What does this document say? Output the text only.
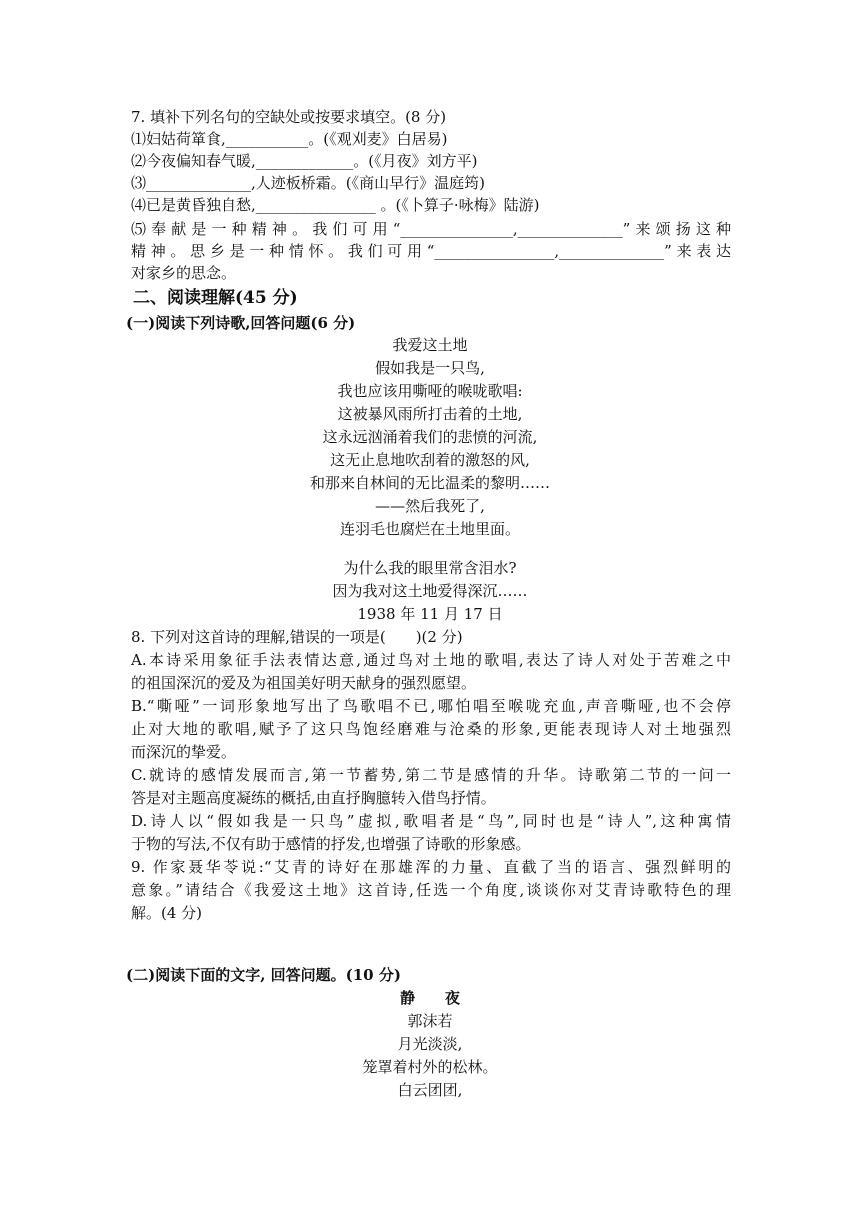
7. 填补下列名句的空缺处或按要求填空。(8 分)
⑴妇姑荷箪食,___________。(《观刈麦》白居易)
⑵今夜偏知春气暖,_____________。(《月夜》刘方平)
⑶______________,人迹板桥霜。(《商山早行》温庭筠)
⑷已是黄昏独自愁,________________ 。(《卜算子·咏梅》陆游)
⑸奉献是一种精神。我们可用“_______________,______________”来颂扬这种
精神。思乡是一种情怀。我们可用“________________,______________”来表达
对家乡的思念。
二、阅读理解(45 分)
(一)阅读下列诗歌,回答问题(6 分)
我爱这土地
假如我是一只鸟,
我也应该用嘶哑的喉咙歌唱:
这被暴风雨所打击着的土地,
这永远汹涌着我们的悲愤的河流,
这无止息地吹刮着的激怒的风,
和那来自林间的无比温柔的黎明……
——然后我死了,
连羽毛也腐烂在土地里面。
为什么我的眼里常含泪水?
因为我对这土地爱得深沉……
1938 年 11 月 17 日
8. 下列对这首诗的理解,错误的一项是(　　)(2 分)
A.本诗采用象征手法表情达意,通过鸟对土地的歌唱,表达了诗人对处于苦难之中
的祖国深沉的爱及为祖国美好明天献身的强烈愿望。
B.“嘶哑”一词形象地写出了鸟歌唱不已,哪怕唱至喉咙充血,声音嘶哑,也不会停
止对大地的歌唱,赋予了这只鸟饱经磨难与沧桑的形象,更能表现诗人对土地强烈
而深沉的挚爱。
C.就诗的感情发展而言,第一节蓄势,第二节是感情的升华。诗歌第二节的一问一
答是对主题高度凝练的概括,由直抒胸臆转入借鸟抒情。
D.诗人以“假如我是一只鸟”虚拟,歌唱者是“鸟”,同时也是“诗人”,这种寓情
于物的写法,不仅有助于感情的抒发,也增强了诗歌的形象感。
9. 作家聂华苓说:“艾青的诗好在那雄浑的力量、直截了当的语言、强烈鲜明的
意象。”请结合《我爱这土地》这首诗,任选一个角度,谈谈你对艾青诗歌特色的理
解。(4 分)
(二)阅读下面的文字, 回答问题。(10 分)
静　　夜
郭沫若
月光淡淡,
笼罩着村外的松林。
白云团团,
